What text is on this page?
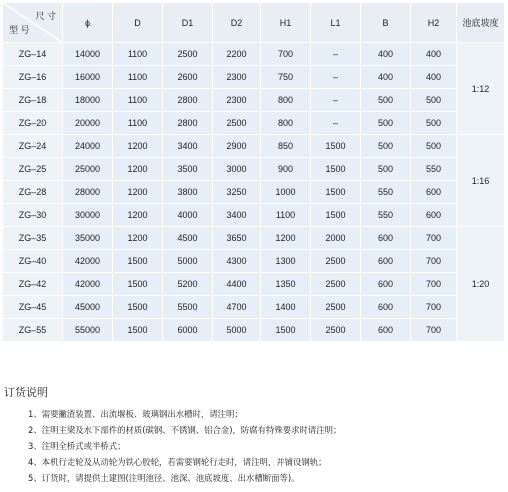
尺 寸
型 号	ϕ	D	D1	D2	H1	L1	B	H2	池底坡度
ZG–14	14000	1100	2500	2200	700	–	400	400	1:12
ZG–16	16000	1100	2600	2300	750	–	400	400	
ZG–18	18000	1100	2800	2300	800	–	500	500	
ZG–20	20000	1100	2800	2500	800	–	500	500	
ZG–24	24000	1200	3400	2900	850	1500	500	500	1:16
ZG–25	25000	1200	3500	3000	900	1500	500	550	
ZG–28	28000	1200	3800	3250	1000	1500	550	600	
ZG–30	30000	1200	4000	3400	1100	1500	550	600	
ZG–35	35000	1200	4500	3650	1200	2000	600	700	1:20
ZG–40	42000	1500	5000	4300	1300	2500	600	700	
ZG–42	42000	1500	5200	4400	1350	2500	600	700	
ZG–45	45000	1500	5500	4700	1400	2500	600	700	
ZG–55	55000	1500	6000	5000	1500	2500	600	700	
订货说明
1、需要撇渣装置、出流堰板、玻璃钢出水槽时，请注明；
2、注明主梁及水下部件的材质(碳钢、不锈钢、铝合金)，防腐有特殊要求时请注明；
3、注明全桥式或半桥式；
4、本机行走轮及从动轮为铁心胶轮，若需要钢轮行走时，请注明，并铺设钢轨；
5、订货时，请提供土建图(注明池径、池深、池底坡度、出水槽断面等)。
